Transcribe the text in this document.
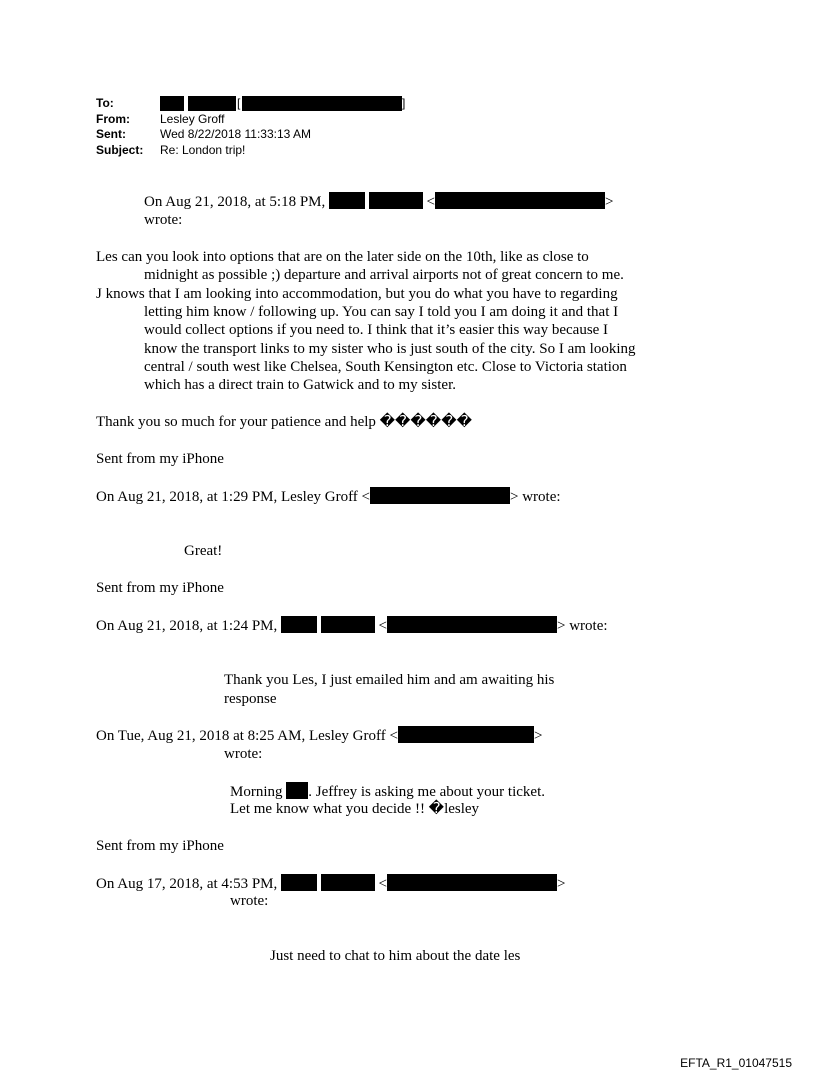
To:	[	]
From:	Lesley Groff
Sent:	Wed 8/22/2018 11:33:13 AM
Subject: Re: London trip!
On Aug 21, 2018, at 5:18 PM,	<	>
wrote:
Les can you look into options that are on the later side on the 10th, like as close to
midnight as possible ;) departure and arrival airports not of great concern to me.
J knows that I am looking into accommodation, but you do what you have to regarding
letting him know / following up. You can say I told you I am doing it and that I
would collect options if you need to. I think that it’s easier this way because I
know the transport links to my sister who is just south of the city. So I am looking
central / south west like Chelsea, South Kensington etc. Close to Victoria station
which has a direct train to Gatwick and to my sister.
Thank you so much for your patience and help ������
Sent from my iPhone
On Aug 21, 2018, at 1:29 PM, Lesley Groff <	> wrote:
Great!
Sent from my iPhone
On Aug 21, 2018, at 1:24 PM,	<	> wrote:
Thank you Les, I just emailed him and am awaiting his
response
On Tue, Aug 21, 2018 at 8:25 AM, Lesley Groff <	>
wrote:
Morning . Jeffrey is asking me about your ticket.
Let me know what you decide !! �lesley
Sent from my iPhone
On Aug 17, 2018, at 4:53 PM,	<	>
wrote:
Just need to chat to him about the date les
EFTA_R1_01047515
